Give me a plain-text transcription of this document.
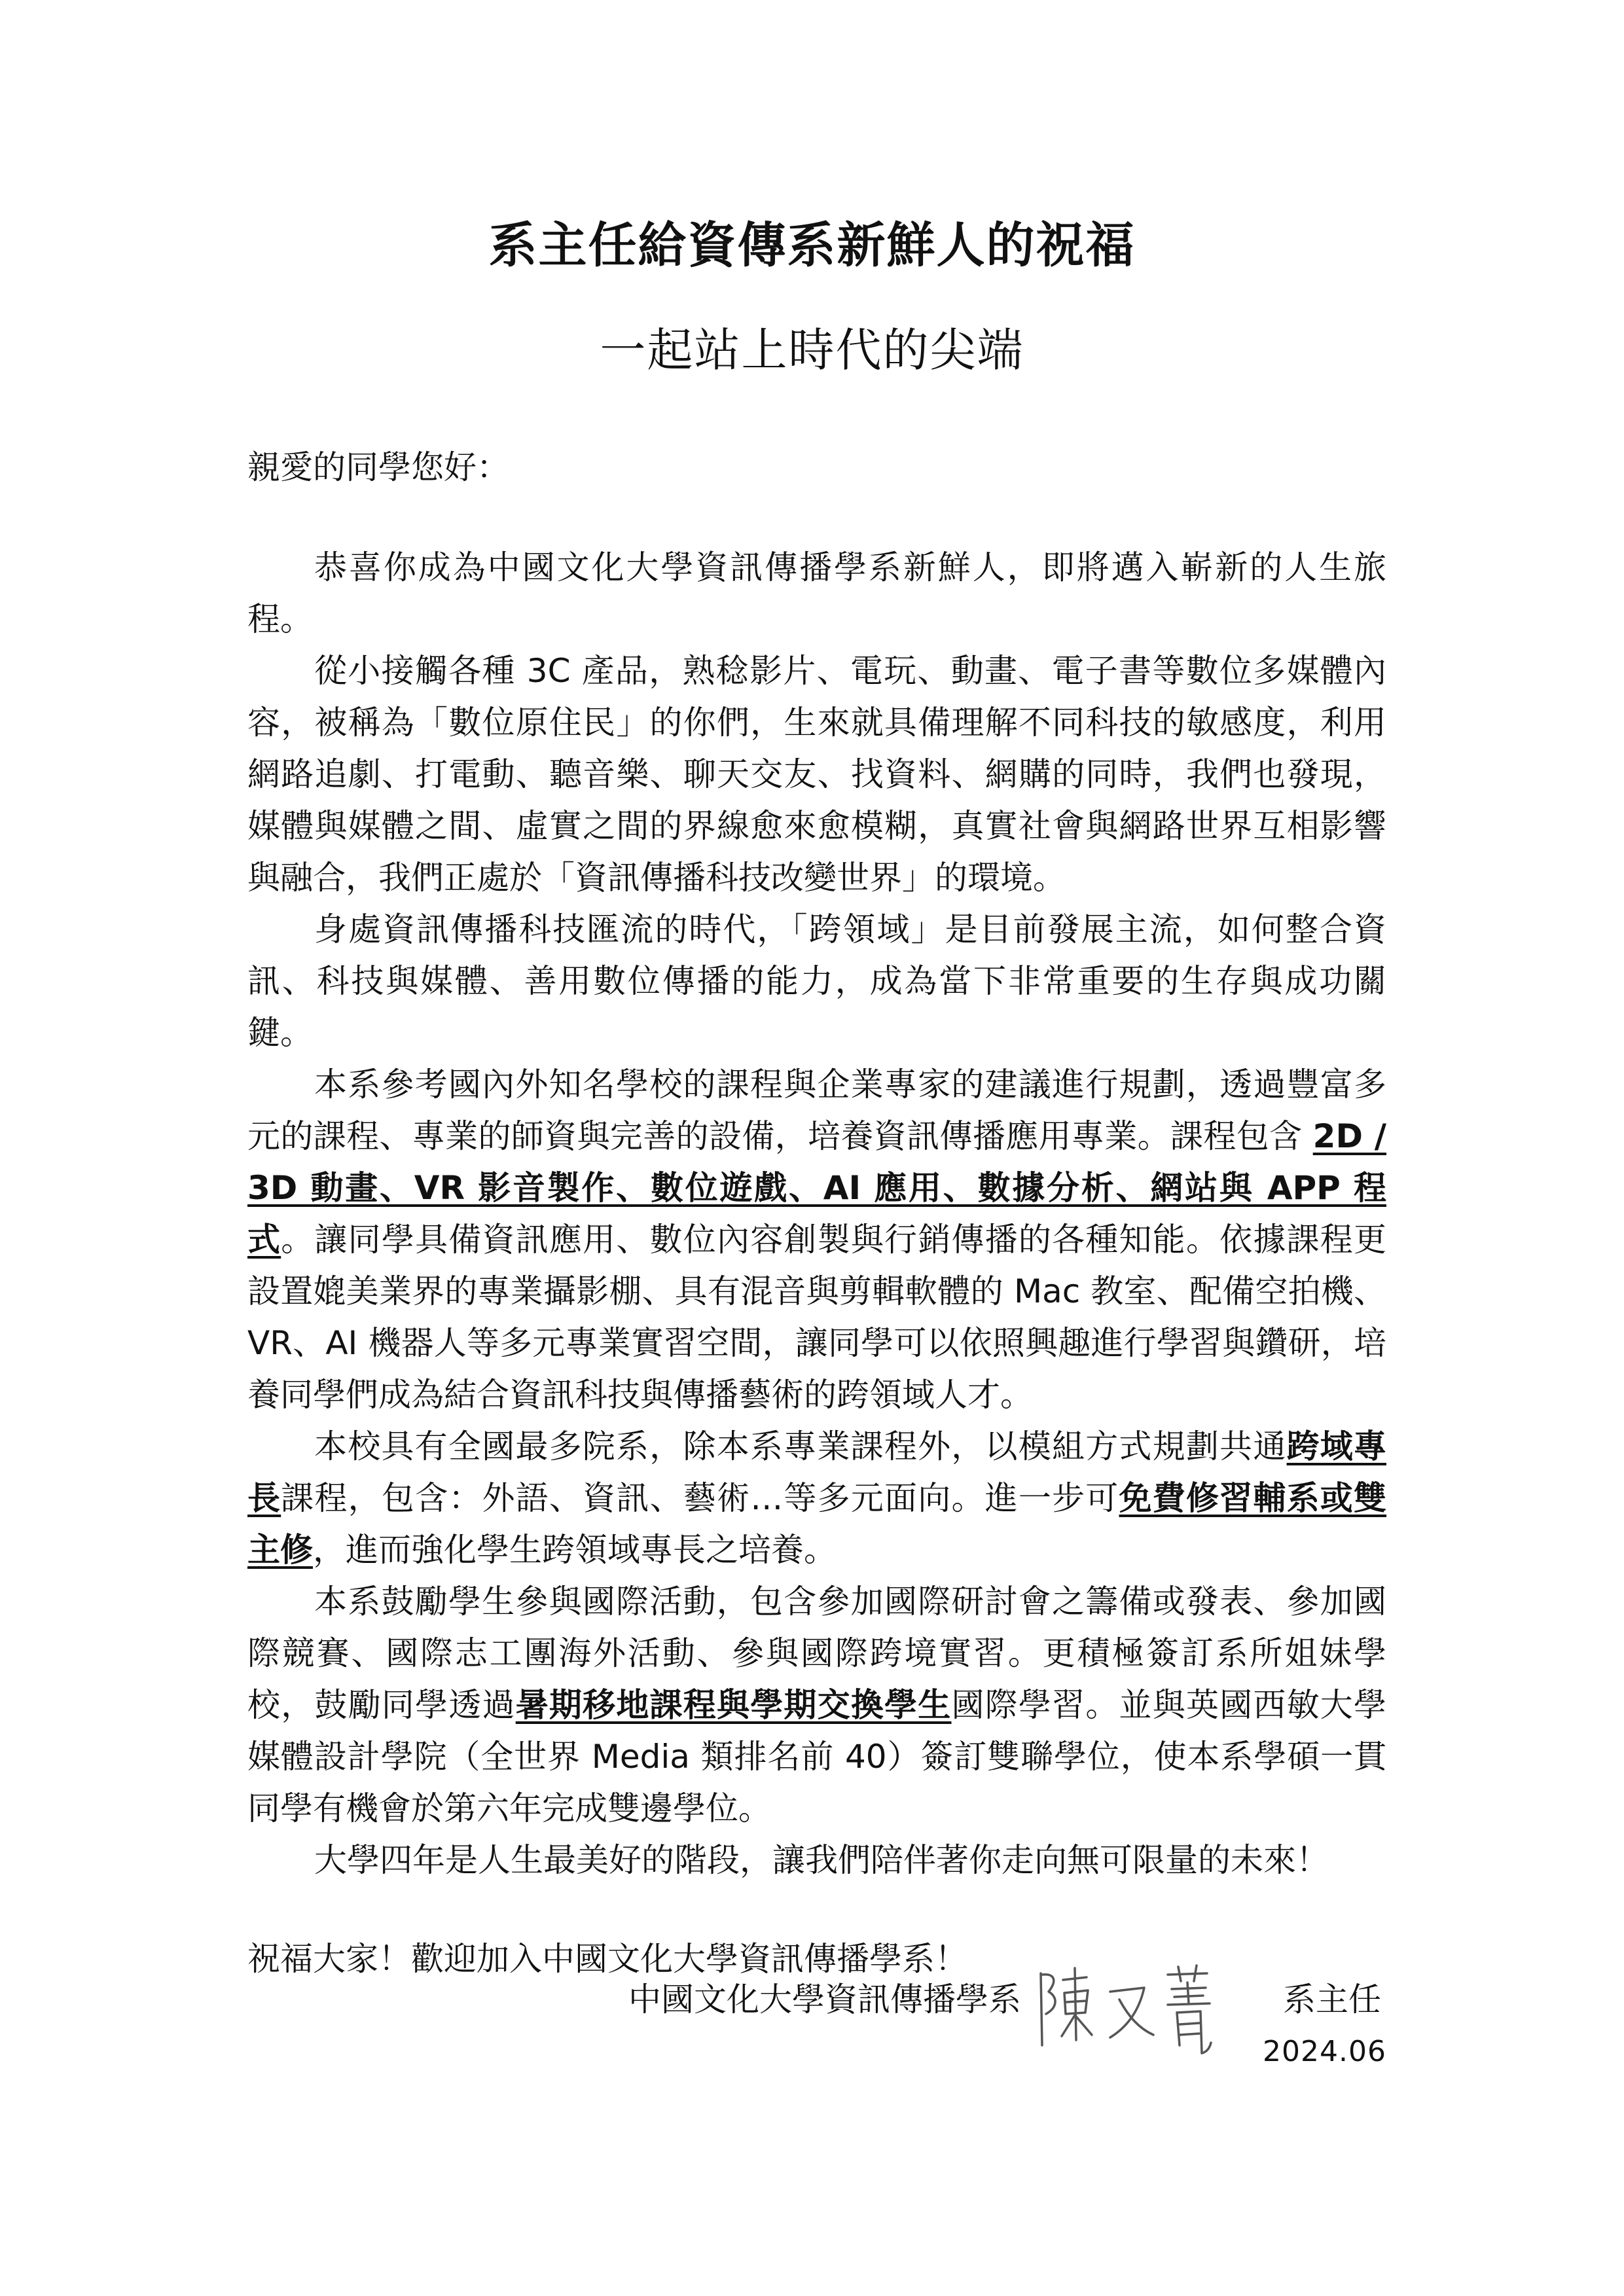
系主任給資傳系新鮮人的祝福
一起站上時代的尖端

親愛的同學您好：

恭喜你成為中國文化大學資訊傳播學系新鮮人，即將邁入嶄新的人生旅程。

從小接觸各種 3C 產品，熟稔影片、電玩、動畫、電子書等數位多媒體內容，被稱為「數位原住民」的你們，生來就具備理解不同科技的敏感度，利用網路追劇、打電動、聽音樂、聊天交友、找資料、網購的同時，我們也發現，媒體與媒體之間、虛實之間的界線愈來愈模糊，真實社會與網路世界互相影響與融合，我們正處於「資訊傳播科技改變世界」的環境。

身處資訊傳播科技匯流的時代，「跨領域」是目前發展主流，如何整合資訊、科技與媒體、善用數位傳播的能力，成為當下非常重要的生存與成功關鍵。

本系參考國內外知名學校的課程與企業專家的建議進行規劃，透過豐富多元的課程、專業的師資與完善的設備，培養資訊傳播應用專業。課程包含 2D / 3D 動畫、VR 影音製作、數位遊戲、AI 應用、數據分析、網站與 APP 程式。讓同學具備資訊應用、數位內容創製與行銷傳播的各種知能。依據課程更設置媲美業界的專業攝影棚、具有混音與剪輯軟體的 Mac 教室、配備空拍機、VR、AI 機器人等多元專業實習空間，讓同學可以依照興趣進行學習與鑽研，培養同學們成為結合資訊科技與傳播藝術的跨領域人才。

本校具有全國最多院系，除本系專業課程外，以模組方式規劃共通跨域專長課程，包含：外語、資訊、藝術…等多元面向。進一步可免費修習輔系或雙主修，進而強化學生跨領域專長之培養。

本系鼓勵學生參與國際活動，包含參加國際研討會之籌備或發表、參加國際競賽、國際志工團海外活動、參與國際跨境實習。更積極簽訂系所姐妹學校，鼓勵同學透過暑期移地課程與學期交換學生國際學習。並與英國西敏大學媒體設計學院（全世界 Media 類排名前 40）簽訂雙聯學位，使本系學碩一貫同學有機會於第六年完成雙邊學位。

大學四年是人生最美好的階段，讓我們陪伴著你走向無可限量的未來！

祝福大家！歡迎加入中國文化大學資訊傳播學系！

中國文化大學資訊傳播學系	系主任
2024.06
